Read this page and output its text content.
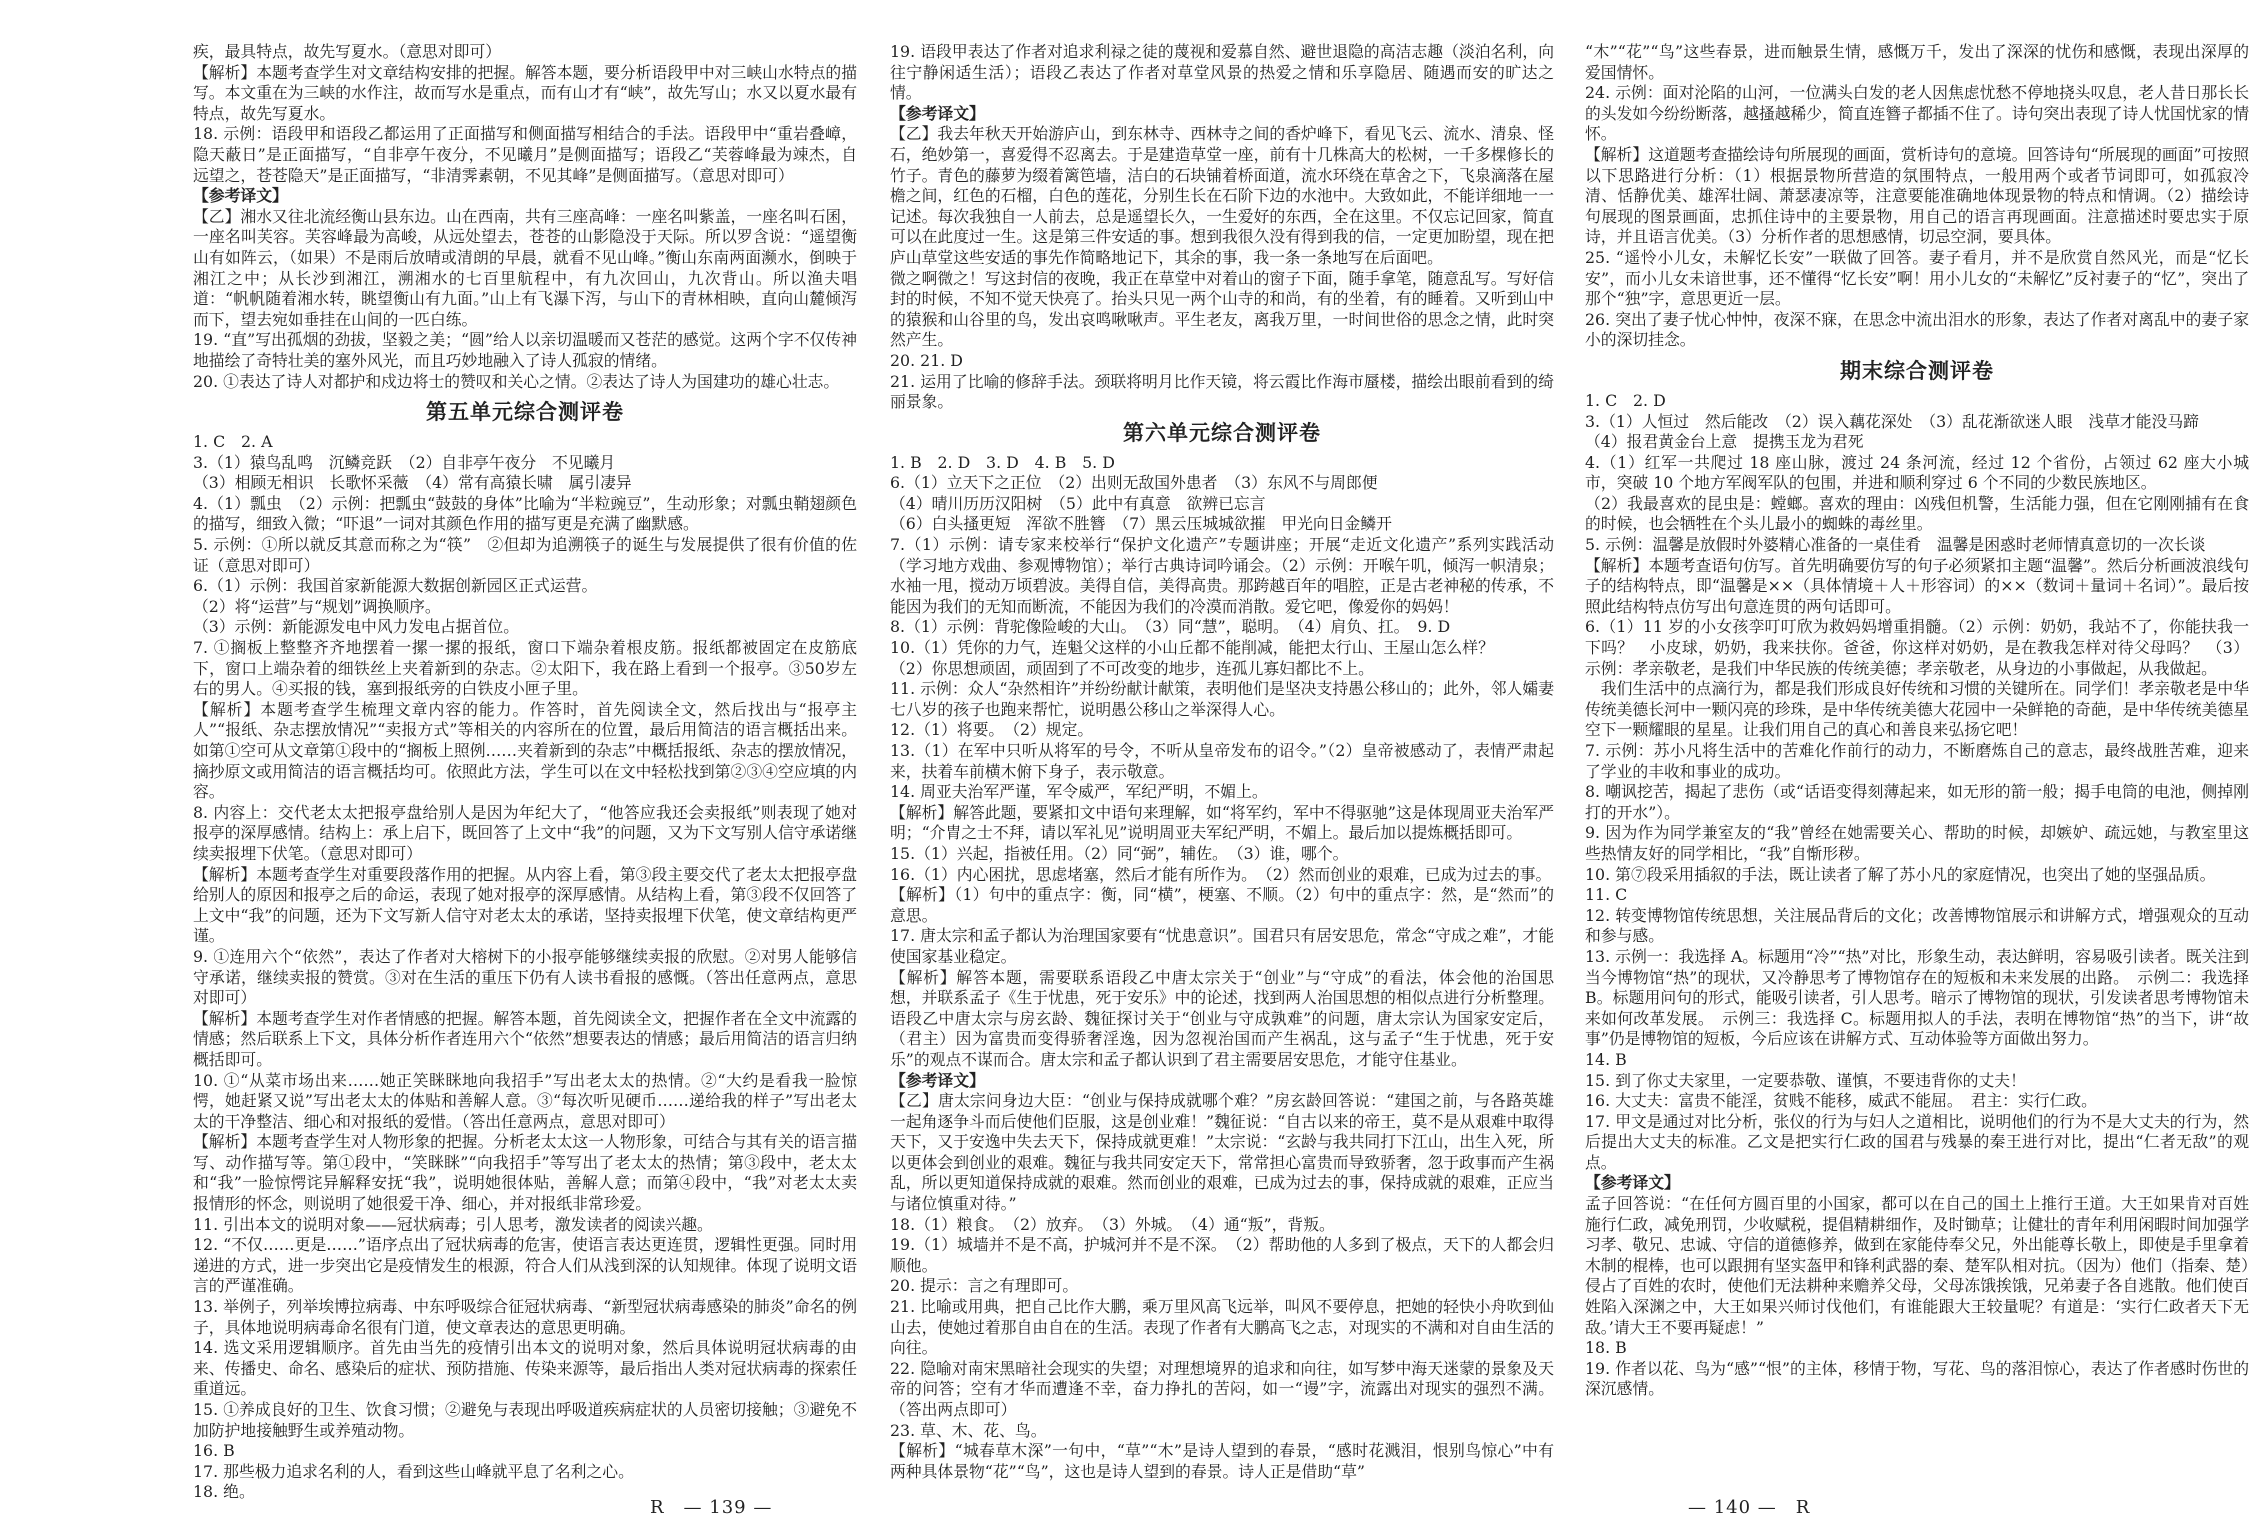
疾，最具特点，故先写夏水。（意思对即可）

【解析】本题考查学生对文章结构安排的把握。解答本题，要分析语段甲中对三峡山水特点的描写。本文重在为三峡的水作注，故而写水是重点，而有山才有“峡”，故先写山；水又以夏水最有特点，故先写夏水。

18. 示例：语段甲和语段乙都运用了正面描写和侧面描写相结合的手法。语段甲中“重岩叠嶂，隐天蔽日”是正面描写，“自非亭午夜分，不见曦月”是侧面描写；语段乙“芙蓉峰最为竦杰，自远望之，苍苍隐天”是正面描写，“非清霁素朝，不见其峰”是侧面描写。（意思对即可）

【参考译文】

【乙】湘水又往北流经衡山县东边。山在西南，共有三座高峰：一座名叫紫盖，一座名叫石囷，一座名叫芙容。芙容峰最为高峻，从远处望去，苍苍的山影隐没于天际。所以罗含说：“遥望衡山有如阵云，（如果）不是雨后放晴或清朗的早晨，就看不见山峰。”衡山东南两面濒水，倒映于湘江之中；从长沙到湘江，溯湘水的七百里航程中，有九次回山，九次背山。所以渔夫唱道：“帆帆随着湘水转，眺望衡山有九面。”山上有飞瀑下泻，与山下的青林相映，直向山麓倾泻而下，望去宛如垂挂在山间的一匹白练。

19. “直”写出孤烟的劲拔，坚毅之美；“圆”给人以亲切温暖而又苍茫的感觉。这两个字不仅传神地描绘了奇特壮美的塞外风光，而且巧妙地融入了诗人孤寂的情绪。

20. ①表达了诗人对都护和戍边将士的赞叹和关心之情。②表达了诗人为国建功的雄心壮志。

第五单元综合测评卷

1. C　2. A

3.（1）猿鸟乱鸣　沉鳞竞跃　（2）自非亭午夜分　不见曦月

（3）相顾无相识　长歌怀采薇　（4）常有高猿长啸　属引凄异

4.（1）瓢虫　（2）示例：把瓢虫“鼓鼓的身体”比喻为“半粒豌豆”，生动形象；对瓢虫鞘翅颜色的描写，细致入微；“吓退”一词对其颜色作用的描写更是充满了幽默感。

5. 示例：①所以就反其意而称之为“筷”　②但却为追溯筷子的诞生与发展提供了很有价值的佐证（意思对即可）

6.（1）示例：我国首家新能源大数据创新园区正式运营。

（2）将“运营”与“规划”调换顺序。

（3）示例：新能源发电中风力发电占据首位。

7. ①搁板上整整齐齐地摆着一摞一摞的报纸，窗口下端杂着根皮筋。报纸都被固定在皮筋底下，窗口上端杂着的细铁丝上夹着新到的杂志。②太阳下，我在路上看到一个报亭。③50岁左右的男人。④买报的钱，塞到报纸旁的白铁皮小匣子里。

【解析】本题考查学生梳理文章内容的能力。作答时，首先阅读全文，然后找出与“报亭主人”“报纸、杂志摆放情况”“卖报方式”等相关的内容所在的位置，最后用简洁的语言概括出来。如第①空可从文章第①段中的“搁板上照例……夹着新到的杂志”中概括报纸、杂志的摆放情况，摘抄原文或用简洁的语言概括均可。依照此方法，学生可以在文中轻松找到第②③④空应填的内容。

8. 内容上：交代老太太把报亭盘给别人是因为年纪大了，“他答应我还会卖报纸”则表现了她对报亭的深厚感情。结构上：承上启下，既回答了上文中“我”的问题，又为下文写别人信守承诺继续卖报埋下伏笔。（意思对即可）

【解析】本题考查学生对重要段落作用的把握。从内容上看，第③段主要交代了老太太把报亭盘给别人的原因和报亭之后的命运，表现了她对报亭的深厚感情。从结构上看，第③段不仅回答了上文中“我”的问题，还为下文写新人信守对老太太的承诺，坚持卖报埋下伏笔，使文章结构更严谨。

9. ①连用六个“依然”，表达了作者对大榕树下的小报亭能够继续卖报的欣慰。②对男人能够信守承诺，继续卖报的赞赏。③对在生活的重压下仍有人读书看报的感慨。（答出任意两点，意思对即可）

【解析】本题考查学生对作者情感的把握。解答本题，首先阅读全文，把握作者在全文中流露的情感；然后联系上下文，具体分析作者连用六个“依然”想要表达的情感；最后用简洁的语言归纳概括即可。

10. ①“从菜市场出来……她正笑眯眯地向我招手”写出老太太的热情。②“大约是看我一脸惊愕，她赶紧又说”写出老太太的体贴和善解人意。③“每次听见硬币……递给我的样子”写出老太太的干净整洁、细心和对报纸的爱惜。（答出任意两点，意思对即可）

【解析】本题考查学生对人物形象的把握。分析老太太这一人物形象，可结合与其有关的语言描写、动作描写等。第①段中，“笑眯眯”“向我招手”等写出了老太太的热情；第③段中，老太太和“我”一脸惊愕诧异解释安抚“我”，说明她很体贴，善解人意；而第④段中，“我”对老太太卖报情形的怀念，则说明了她很爱干净、细心，并对报纸非常珍爱。

11. 引出本文的说明对象——冠状病毒；引人思考，激发读者的阅读兴趣。

12. “不仅……更是……”语序点出了冠状病毒的危害，使语言表达更连贯，逻辑性更强。同时用递进的方式，进一步突出它是疫情发生的根源，符合人们从浅到深的认知规律。体现了说明文语言的严谨准确。

13. 举例子，列举埃博拉病毒、中东呼吸综合征冠状病毒、“新型冠状病毒感染的肺炎”命名的例子，具体地说明病毒命名很有门道，使文章表达的意思更明确。

14. 选文采用逻辑顺序。首先由当先的疫情引出本文的说明对象，然后具体说明冠状病毒的由来、传播史、命名、感染后的症状、预防措施、传染来源等，最后指出人类对冠状病毒的探索任重道远。

15. ①养成良好的卫生、饮食习惯；②避免与表现出呼吸道疾病症状的人员密切接触；③避免不加防护地接触野生或养殖动物。

16. B

17. 那些极力追求名利的人，看到这些山峰就平息了名利之心。

18. 绝。

19. 语段甲表达了作者对追求利禄之徒的蔑视和爱慕自然、避世退隐的高洁志趣（淡泊名利，向往宁静闲适生活）；语段乙表达了作者对草堂风景的热爱之情和乐享隐居、随遇而安的旷达之情。

【参考译文】

【乙】我去年秋天开始游庐山，到东林寺、西林寺之间的香炉峰下，看见飞云、流水、清泉、怪石，绝妙第一，喜爱得不忍离去。于是建造草堂一座，前有十几株高大的松树，一千多棵修长的竹子。青色的藤萝为缀着篱笆墙，洁白的石块铺着桥面道，流水环绕在草舍之下，飞泉滴落在屋檐之间，红色的石榴，白色的莲花，分别生长在石阶下边的水池中。大致如此，不能详细地一一记述。每次我独自一人前去，总是遥望长久，一生爱好的东西，全在这里。不仅忘记回家，简直可以在此度过一生。这是第三件安适的事。想到我很久没有得到我的信，一定更加盼望，现在把庐山草堂这些安适的事先作简略地记下，其余的事，我一条一条地写在后面吧。

微之啊微之！写这封信的夜晚，我正在草堂中对着山的窗子下面，随手拿笔，随意乱写。写好信封的时候，不知不觉天快亮了。抬头只见一两个山寺的和尚，有的坐着，有的睡着。又听到山中的猿猴和山谷里的鸟，发出哀鸣啾啾声。平生老友，离我万里，一时间世俗的思念之情，此时突然产生。

20. 21. D

21. 运用了比喻的修辞手法。颈联将明月比作天镜，将云霞比作海市蜃楼，描绘出眼前看到的绮丽景象。

第六单元综合测评卷

1. B　2. D　3. D　4. B　5. D

6.（1）立天下之正位　（2）出则无敌国外患者　（3）东风不与周郎便

（4）晴川历历汉阳树　（5）此中有真意　欲辨已忘言

（6）白头搔更短　浑欲不胜簪　（7）黑云压城城欲摧　甲光向日金鳞开

7.（1）示例：请专家来校举行“保护文化遗产”专题讲座；开展“走近文化遗产”系列实践活动（学习地方戏曲、参观博物馆）；举行古典诗词吟诵会。（2）示例：开喉午叽，倾泻一帜清泉；水袖一甩，搅动万顷碧波。美得自信，美得高贵。那跨越百年的唱腔，正是古老神秘的传承，不能因为我们的无知而断流，不能因为我们的冷漠而消散。爱它吧，像爱你的妈妈！

8.（1）示例：背驼像险峻的大山。　（3）同“慧”，聪明。　（4）肩负、扛。　9. D

10.（1）凭你的力气，连魁父这样的小山丘都不能削减，能把太行山、王屋山怎么样？

（2）你思想顽固，顽固到了不可改变的地步，连孤儿寡妇都比不上。

11. 示例：众人“杂然相许”并纷纷献计献策，表明他们是坚决支持愚公移山的；此外，邻人孀妻七八岁的孩子也跑来帮忙，说明愚公移山之举深得人心。

12.（1）将要。　（2）规定。

13.（1）在军中只听从将军的号令，不听从皇帝发布的诏令。”（2）皇帝被感动了，表情严肃起来，扶着车前横木俯下身子，表示敬意。

14. 周亚夫治军严谨，军令威严，军纪严明，不媚上。

【解析】解答此题，要紧扣文中语句来理解，如“将军约，军中不得驱驰”这是体现周亚夫治军严明；“介胄之士不拜，请以军礼见”说明周亚夫军纪严明，不媚上。最后加以提炼概括即可。

15.（1）兴起，指被任用。（2）同“弼”，辅佐。　（3）谁，哪个。

16.（1）内心困扰，思虑堵塞，然后才能有所作为。　（2）然而创业的艰难，已成为过去的事。

【解析】（1）句中的重点字：衡，同“横”，梗塞、不顺。（2）句中的重点字：然，是“然而”的意思。

17. 唐太宗和孟子都认为治理国家要有“忧患意识”。国君只有居安思危，常念“守成之难”，才能使国家基业稳定。

【解析】解答本题，需要联系语段乙中唐太宗关于“创业”与“守成”的看法，体会他的治国思想，并联系孟子《生于忧患，死于安乐》中的论述，找到两人治国思想的相似点进行分析整理。语段乙中唐太宗与房玄龄、魏征探讨关于“创业与守成孰难”的问题，唐太宗认为国家安定后，（君主）因为富贵而变得骄奢淫逸，因为忽视治国而产生祸乱，这与孟子“生于忧患，死于安乐”的观点不谋而合。唐太宗和孟子都认识到了君主需要居安思危，才能守住基业。

【参考译文】

【乙】唐太宗问身边大臣：“创业与保持成就哪个难？”房玄龄回答说：“建国之前，与各路英雄一起角逐争斗而后使他们臣服，这是创业难！”魏征说：“自古以来的帝王，莫不是从艰难中取得天下，又于安逸中失去天下，保持成就更难！”太宗说：“玄龄与我共同打下江山，出生入死，所以更体会到创业的艰难。魏征与我共同安定天下，常常担心富贵而导致骄奢，忽于政事而产生祸乱，所以更知道保持成就的艰难。然而创业的艰难，已成为过去的事，保持成就的艰难，正应当与诸位慎重对待。”

18.（1）粮食。　（2）放弃。　（3）外城。　（4）通“叛”，背叛。

19.（1）城墙并不是不高，护城河并不是不深。　（2）帮助他的人多到了极点，天下的人都会归顺他。

20. 提示：言之有理即可。

21. 比喻或用典，把自己比作大鹏，乘万里风高飞远举，叫风不要停息，把她的轻快小舟吹到仙山去，使她过着那自由自在的生活。表现了作者有大鹏高飞之志，对现实的不满和对自由生活的向往。

22. 隐喻对南宋黑暗社会现实的失望；对理想境界的追求和向往，如写梦中海天迷蒙的景象及天帝的问答；空有才华而遭逢不幸，奋力挣扎的苦闷，如一“谩”字，流露出对现实的强烈不满。（答出两点即可）

23. 草、木、花、鸟。

【解析】“城春草木深”一句中，“草”“木”是诗人望到的春景，“感时花溅泪，恨别鸟惊心”中有两种具体景物“花”“鸟”，这也是诗人望到的春景。诗人正是借助“草”

“木”“花”“鸟”这些春景，进而触景生情，感慨万千，发出了深深的忧伤和感慨，表现出深厚的爱国情怀。

24. 示例：面对沦陷的山河，一位满头白发的老人因焦虑忧愁不停地挠头叹息，老人昔日那长长的头发如今纷纷断落，越搔越稀少，简直连簪子都插不住了。诗句突出表现了诗人忧国忧家的情怀。

【解析】这道题考查描绘诗句所展现的画面，赏析诗句的意境。回答诗句“所展现的画面”可按照以下思路进行分析：（1）根据景物所营造的氛围特点，一般用两个或者节词即可，如孤寂冷清、恬静优美、雄浑壮阔、萧瑟凄凉等，注意要能准确地体现景物的特点和情调。（2）描绘诗句展现的图景画面，忠抓住诗中的主要景物，用自己的语言再现画面。注意描述时要忠实于原诗，并且语言优美。（3）分析作者的思想感情，切忌空洞，要具体。

25. “遥怜小儿女，未解忆长安”一联做了回答。妻子看月，并不是欣赏自然风光，而是“忆长安”，而小儿女未谙世事，还不懂得“忆长安”啊！用小儿女的“未解忆”反衬妻子的“忆”，突出了那个“独”字，意思更近一层。

26. 突出了妻子忧心忡忡，夜深不寐，在思念中流出泪水的形象，表达了作者对离乱中的妻子家小的深切挂念。

期末综合测评卷

1. C　2. D

3.（1）人恒过　然后能改　（2）误入藕花深处　（3）乱花渐欲迷人眼　浅草才能没马蹄

（4）报君黄金台上意　提携玉龙为君死

4.（1）红军一共爬过 18 座山脉，渡过 24 条河流，经过 12 个省份，占领过 62 座大小城市，突破 10 个地方军阀军队的包围，并进和顺利穿过 6 个不同的少数民族地区。

（2）我最喜欢的昆虫是：螳螂。喜欢的理由：凶残但机警，生活能力强，但在它刚刚捕有在食的时候，也会牺牲在个头儿最小的蜘蛛的毒丝里。

5. 示例：温馨是放假时外婆精心准备的一桌佳肴　温馨是困惑时老师情真意切的一次长谈

【解析】本题考查语句仿写。首先明确要仿写的句子必须紧扣主题“温馨”。然后分析画波浪线句子的结构特点，即“温馨是××（具体情境＋人＋形容词）的××（数词＋量词＋名词）”。最后按照此结构特点仿写出句意连贯的两句话即可。

6.（1）11 岁的小女孩孪叮叮欣为救妈妈增重捐髓。（2）示例：奶奶，我站不了，你能扶我一下吗？　小皮球，奶奶，我来扶你。爸爸，你这样对奶奶，是在教我怎样对待父母吗？　（3）示例：孝亲敬老，是我们中华民族的传统美德；孝亲敬老，从身边的小事做起，从我做起。

　我们生活中的点滴行为，都是我们形成良好传统和习惯的关键所在。同学们！孝亲敬老是中华传统美德长河中一颗闪亮的珍珠，是中华传统美德大花园中一朵鲜艳的奇葩，是中华传统美德星空下一颗耀眼的星星。让我们用自己的真心和善良来弘扬它吧！

7. 示例：苏小凡将生活中的苦难化作前行的动力，不断磨炼自己的意志，最终战胜苦难，迎来了学业的丰收和事业的成功。

8. 嘲讽挖苦，揭起了悲伤（或“话语变得刻薄起来，如无形的箭一般；揭手电筒的电池，侧掉刚打的开水”）。

9. 因为作为同学兼室友的“我”曾经在她需要关心、帮助的时候，却嫉妒、疏远她，与教室里这些热情友好的同学相比，“我”自惭形秽。

10. 第⑦段采用插叙的手法，既让读者了解了苏小凡的家庭情况，也突出了她的坚强品质。

11. C

12. 转变博物馆传统思想，关注展品背后的文化；改善博物馆展示和讲解方式，增强观众的互动和参与感。

13. 示例一：我选择 A。标题用“冷”“热”对比，形象生动，表达鲜明，容易吸引读者。既关注到当今博物馆“热”的现状，又冷静思考了博物馆存在的短板和未来发展的出路。　示例二：我选择 B。标题用问句的形式，能吸引读者，引人思考。暗示了博物馆的现状，引发读者思考博物馆未来如何改革发展。　示例三：我选择 C。标题用拟人的手法，表明在博物馆“热”的当下，讲“故事”仍是博物馆的短板，今后应该在讲解方式、互动体验等方面做出努力。

14. B

15. 到了你丈夫家里，一定要恭敬、谨慎，不要违背你的丈夫！

16. 大丈夫：富贵不能淫，贫贱不能移，威武不能屈。　君主：实行仁政。

17. 甲文是通过对比分析，张仪的行为与妇人之道相比，说明他们的行为不是大丈夫的行为，然后提出大丈夫的标准。乙文是把实行仁政的国君与残暴的秦王进行对比，提出“仁者无敌”的观点。

【参考译文】

孟子回答说：“在任何方圆百里的小国家，都可以在自己的国土上推行王道。大王如果肯对百姓施行仁政，减免刑罚，少收赋税，提倡精耕细作，及时锄草；让健壮的青年利用闲暇时间加强学习孝、敬兄、忠诚、守信的道德修养，做到在家能侍奉父兄，外出能尊长敬上，即使是手里拿着木制的棍棒，也可以跟拥有坚实盔甲和锋利武器的秦、楚军队相对抗。（因为）他们（指秦、楚）侵占了百姓的农时，使他们无法耕种来赡养父母，父母冻饿挨饿，兄弟妻子各自逃散。他们使百姓陷入深渊之中，大王如果兴师讨伐他们，有谁能跟大王较量呢？有道是：‘实行仁政者天下无敌。’请大王不要再疑虑！”

18. B

19. 作者以花、鸟为“感”“恨”的主体，移情于物，写花、鸟的落泪惊心，表达了作者感时伤世的深沉感情。

R　— 139 —	— 140 —　R
